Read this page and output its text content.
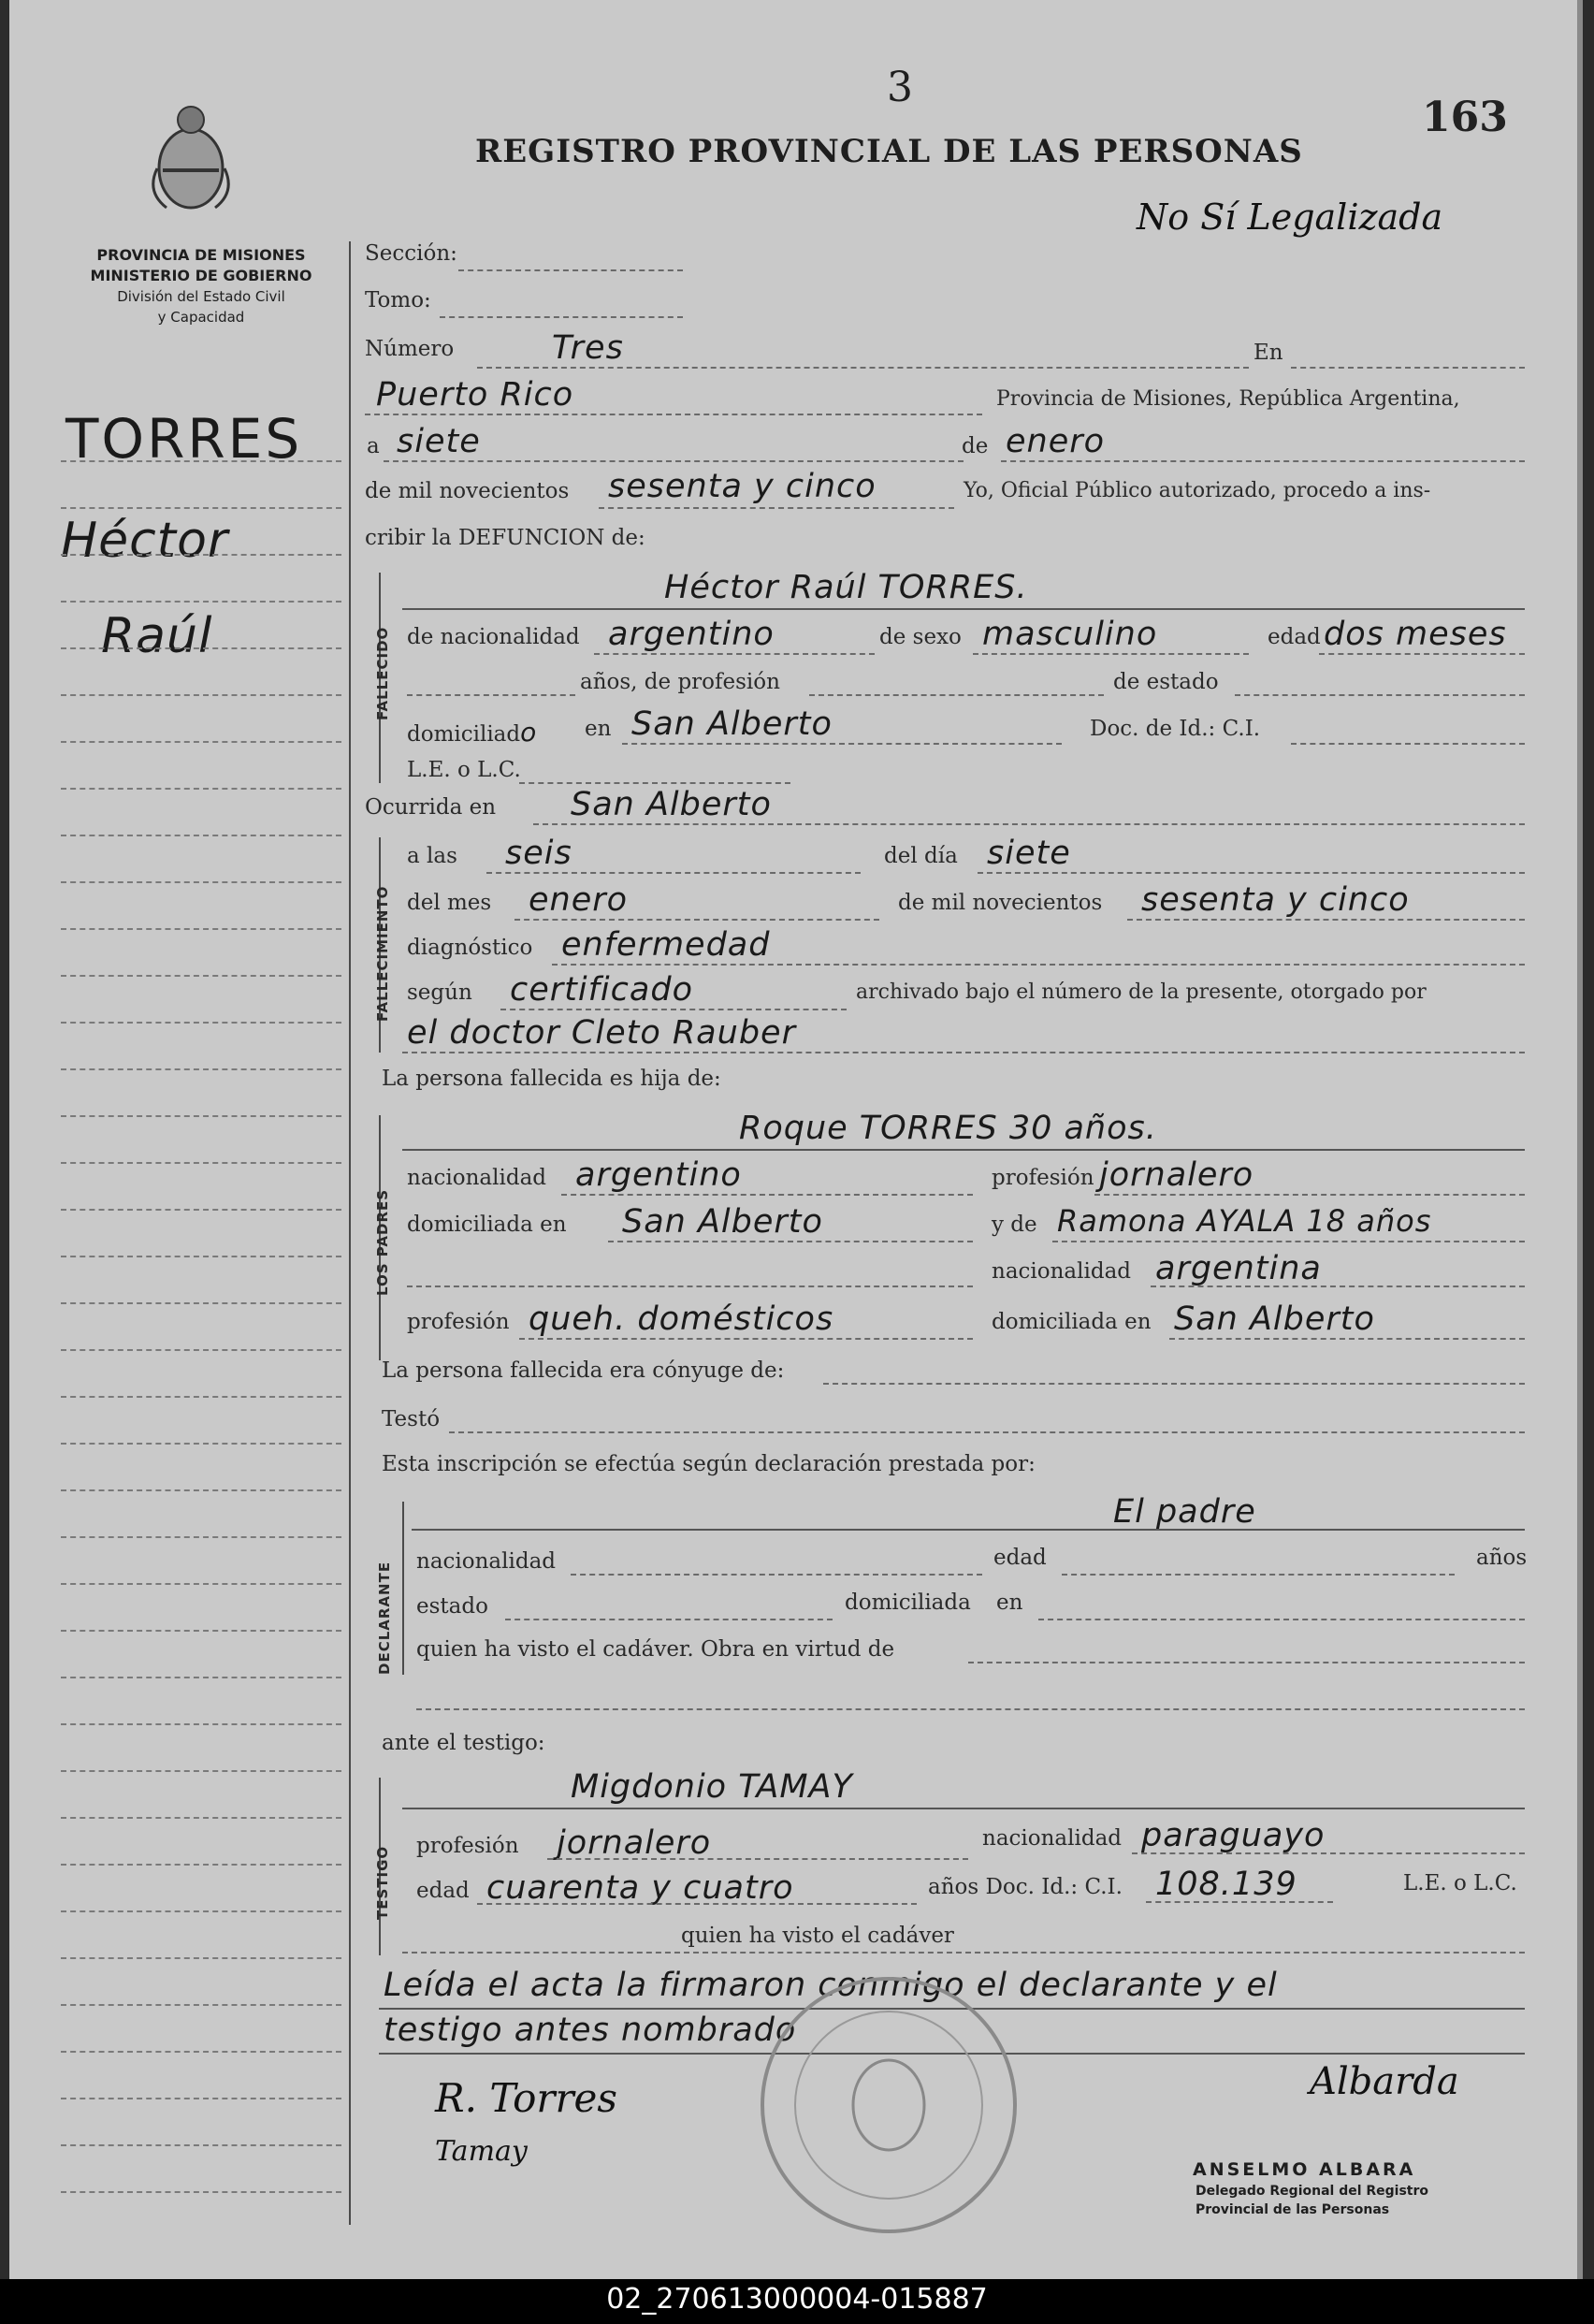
3
REGISTRO PROVINCIAL DE LAS PERSONAS
163
No Sí Legalizada
PROVINCIA DE MISIONES
MINISTERIO DE GOBIERNO
División del Estado Civil
y Capacidad
TORRES
Héctor
Raúl
Sección:
Tomo:
Número	Tres	En
Puerto Rico	Provincia de Misiones, República Argentina,
a siete	de enero
de mil novecientos sesenta y cinco	Yo, Oficial Público autorizado, procedo a ins-
cribir la DEFUNCION de:
FALLECIDO
Héctor Raúl TORRES.
de nacionalidad argentino	de sexo masculino	edad dos meses
años, de profesión	de estado
domiciliado en San Alberto	Doc. de Id.: C.I.
L.E. o L.C.
Ocurrida en San Alberto
FALLECIMIENTO
a las seis	del día siete
del mes enero	de mil novecientos sesenta y cinco
diagnóstico enfermedad
según certificado	archivado bajo el número de la presente, otorgado por
el doctor Cleto Rauber
La persona fallecida es hija de:
LOS PADRES
Roque TORRES 30 años.
nacionalidad argentino	profesión jornalero
domiciliada en San Alberto	y de Ramona AYALA 18 años
nacionalidad argentina
profesión queh. domésticos	domiciliada en San Alberto
La persona fallecida era cónyuge de:
Testó
Esta inscripción se efectúa según declaración prestada por:
DECLARANTE
El padre
nacionalidad	edad	años
estado	domiciliada en
quien ha visto el cadáver. Obra en virtud de
ante el testigo:
TESTIGO
Migdonio TAMAY
profesión jornalero	nacionalidad paraguayo
edad cuarenta y cuatro	años Doc. Id.: C.I. 108.139	L.E. o L.C.
quien ha visto el cadáver
Leída el acta la firmaron conmigo el declarante y el
testigo antes nombrado
R. Torres
Tamay
Albarda
ANSELMO ALBARA
Delegado Regional del Registro
Provincial de las Personas
02_270613000004-015887
